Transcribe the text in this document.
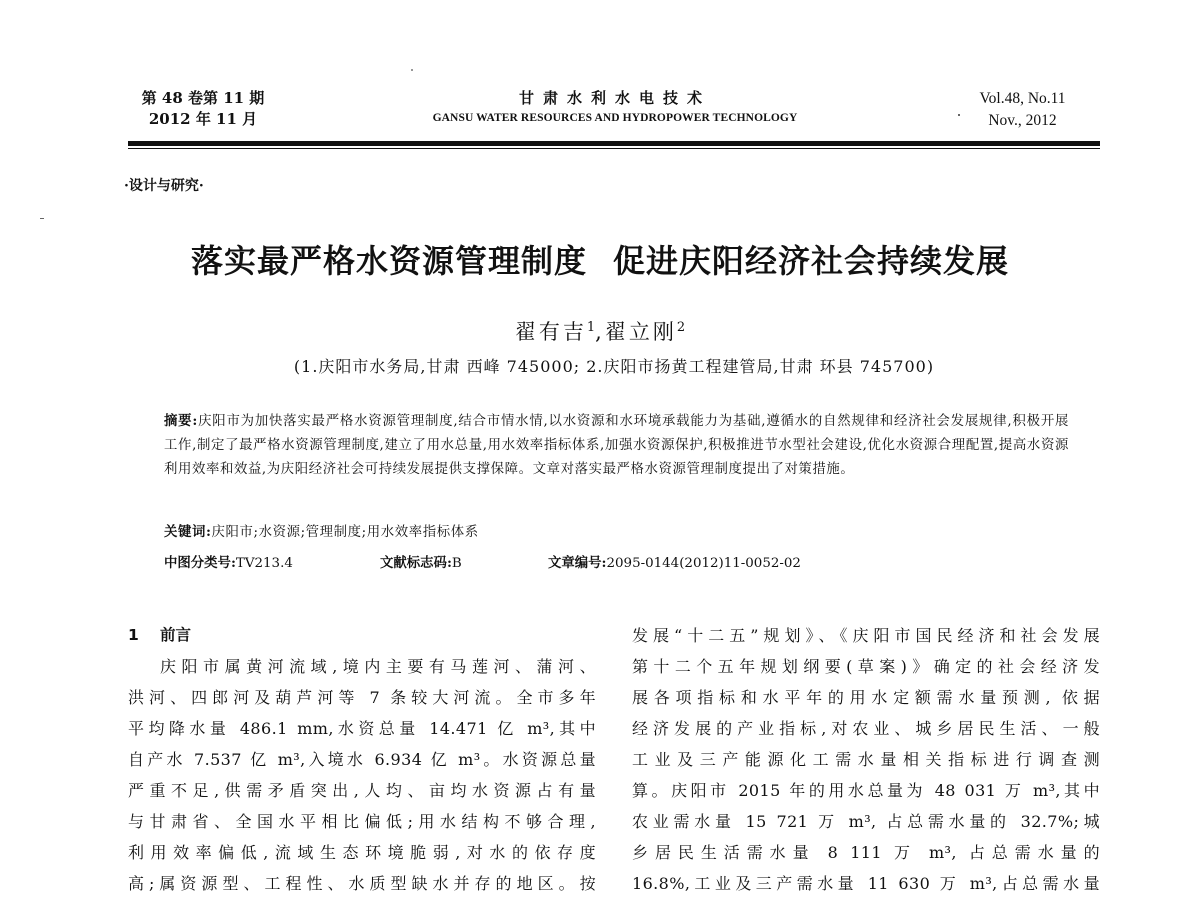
第 48 卷第 11 期
2012 年 11 月
甘肃水利水电技术
GANSU WATER RESOURCES AND HYDROPOWER TECHNOLOGY
Vol.48, No.11
Nov., 2012
·设计与研究·
落实最严格水资源管理制度 促进庆阳经济社会持续发展
翟有吉$^1$,翟立刚$^2$
(1.庆阳市水务局,甘肃 西峰 745000; 2.庆阳市扬黄工程建管局,甘肃 环县 745700)
摘要:庆阳市为加快落实最严格水资源管理制度,结合市情水情,以水资源和水环境承载能力为基础,遵循水的自然规律和经济社会发展规律,积极开展工作,制定了最严格水资源管理制度,建立了用水总量,用水效率指标体系,加强水资源保护,积极推进节水型社会建设,优化水资源合理配置,提高水资源利用效率和效益,为庆阳经济社会可持续发展提供支撑保障。文章对落实最严格水资源管理制度提出了对策措施。
关键词:庆阳市;水资源;管理制度;用水效率指标体系
中图分类号:TV213.4	文献标志码:B	文章编号:2095-0144(2012)11-0052-02
1 前言
庆阳市属黄河流域,境内主要有马莲河、蒲河、
洪河、四郎河及葫芦河等 7 条较大河流。全市多年
平均降水量 486.1 mm,水资总量 14.471 亿 m³,其中
自产水 7.537 亿 m³,入境水 6.934 亿 m³。水资源总量
严重不足,供需矛盾突出,人均、亩均水资源占有量
与甘肃省、全国水平相比偏低;用水结构不够合理,
利用效率偏低,流域生态环境脆弱,对水的依存度
高;属资源型、工程性、水质型缺水并存的地区。按
发展“十二五”规划》、《庆阳市国民经济和社会发展
第十二个五年规划纲要(草案)》确定的社会经济发
展各项指标和水平年的用水定额需水量预测, 依据
经济发展的产业指标,对农业、城乡居民生活、一般
工业及三产能源化工需水量相关指标进行调查测
算。庆阳市 2015 年的用水总量为 48 031 万 m³,其中
农业需水量 15 721 万 m³, 占总需水量的 32.7%;城
乡居民生活需水量 8 111 万 m³, 占总需水量的
16.8%,工业及三产需水量 11 630 万 m³,占总需水量
